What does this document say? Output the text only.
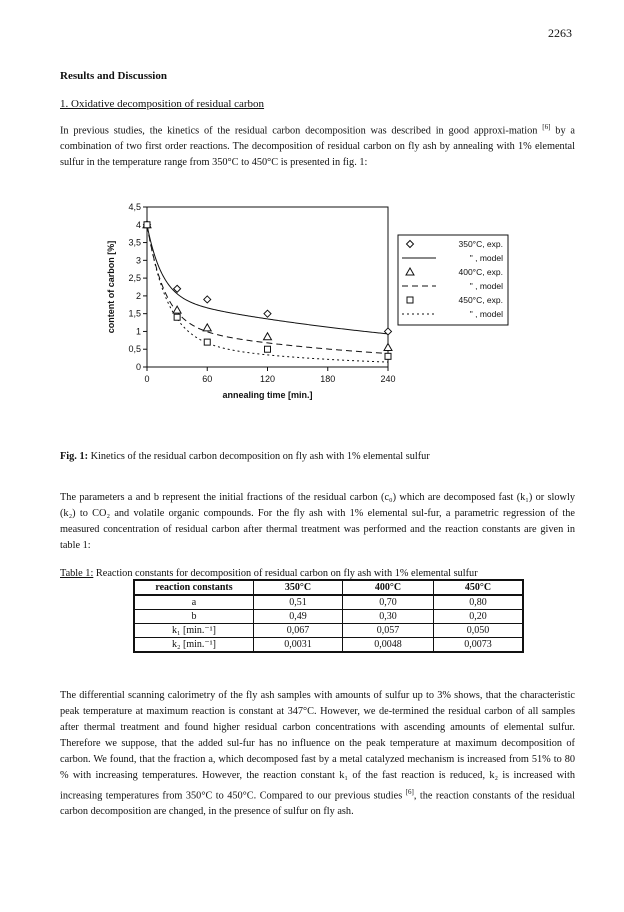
2263
Results and Discussion
1. Oxidative decomposition of residual carbon
In previous studies, the kinetics of the residual carbon decomposition was described in good approxi-mation [6] by a combination of two first order reactions. The decomposition of residual carbon on fly ash by annealing with 1% elemental sulfur in the temperature range from 350°C to 450°C is presented in fig. 1:
0
0,5
1
1,5
2
2,5
3
3,5
4
4,5
0	60	120	180	240
annealing time [min.]
content of carbon [%]	350°C, exp.
" , model
400°C, exp.
" , model
450°C, exp.
" , model
Fig. 1: Kinetics of the residual carbon decomposition on fly ash with 1% elemental sulfur
The parameters a and b represent the initial fractions of the residual carbon (c₀) which are decomposed fast (k₁) or slowly (k₂) to CO₂ and volatile organic compounds. For the fly ash with 1% elemental sul-fur, a parametric regression of the measured concentration of residual carbon after thermal treatment was performed and the reaction constants are given in table 1:
Table 1: Reaction constants for decomposition of residual carbon on fly ash with 1% elemental sulfur
reaction constants	350°C	400°C	450°C
a	0,51	0,70	0,80
b	0,49	0,30	0,20
k₁ [min.⁻¹]	0,067	0,057	0,050
k₂ [min.⁻¹]	0,0031	0,0048	0,0073
The differential scanning calorimetry of the fly ash samples with amounts of sulfur up to 3% shows, that the characteristic peak temperature at maximum reaction is constant at 347°C. However, we de-termined the residual carbon of all samples after thermal treatment and found higher residual carbon concentrations with ascending amounts of elemental sulfur. Therefore we suppose, that the added sul-fur has no influence on the peak temperature at maximum decomposition of carbon. We found, that the fraction a, which decomposed fast by a metal catalyzed mechanism is increased from 51% to 80 % with increasing temperatures. However, the reaction constant k₁ of the fast reaction is reduced, k₂ is increased with increasing temperatures from 350°C to 450°C. Compared to our previous studies [6], the reaction constants of the residual carbon decomposition are changed, in the presence of sulfur on fly ash.
